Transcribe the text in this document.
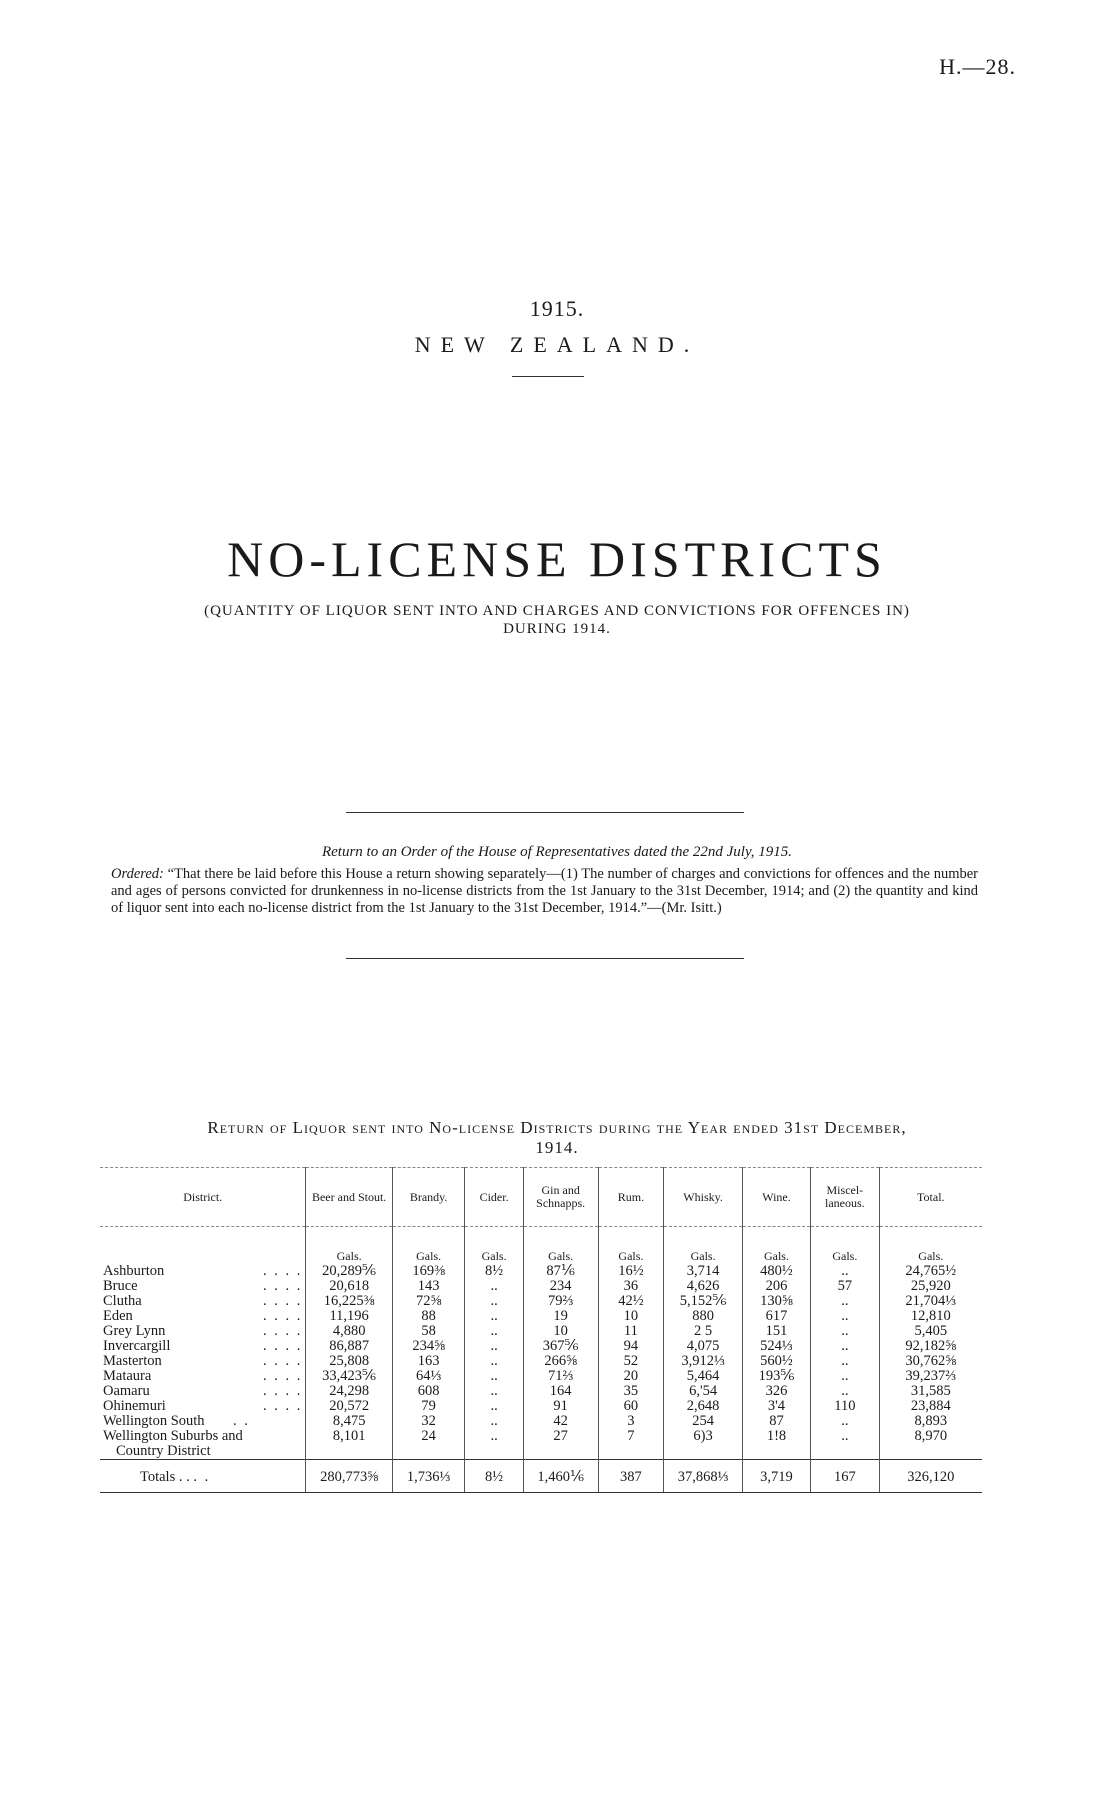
H.—28.
1915.
NEW ZEALAND.
NO-LICENSE DISTRICTS
(QUANTITY OF LIQUOR SENT INTO AND CHARGES AND CONVICTIONS FOR OFFENCES IN)
DURING 1914.
Return to an Order of the House of Representatives dated the 22nd July, 1915.
Ordered: “That there be laid before this House a return showing separately—(1) The number of charges and convictions for offences and the number and ages of persons convicted for drunkenness in no-license districts from the 1st January to the 31st December, 1914; and (2) the quantity and kind of liquor sent into each no-license district from the 1st January to the 31st December, 1914.”—(Mr. Isitt.)
Return of Liquor sent into No-license Districts during the Year ended 31st December,
1914.
District.	Beer and Stout.	Brandy.	Cider.	Gin and Schnapps.	Rum.	Whisky.	Wine.	Miscel-laneous.	Total.
	Gals.	Gals.	Gals.	Gals.	Gals.	Gals.	Gals.	Gals.	Gals.
Ashburton . . . .	20,289⅚	169⅜	8½	87⅙	16½	3,714	480½	..	24,765½
Bruce . . . .	20,618	143	..	234	36	4,626	206	57	25,920
Clutha . . . .	16,225⅜	72⅝	..	79⅔	42½	5,152⅚	130⅝	..	21,704⅓
Eden . . . .	11,196	88	..	19	10	880	617	..	12,810
Grey Lynn . . . .	4,880	58	..	10	11	2 5	151	..	5,405
Invercargill . . . .	86,887	234⅝	..	367⅚	94	4,075	524⅓	..	92,182⅝
Masterton . . . .	25,808	163	..	266⅝	52	3,912⅓	560½	..	30,762⅝
Mataura . . . .	33,423⅚	64⅓	..	71⅔	20	5,464	193⅚	..	39,237⅔
Oamaru . . . .	24,298	608	..	164	35	6,'54	326	..	31,585
Ohinemuri . . . .	20,572	79	..	91	60	2,648	3'4	110	23,884
Wellington South . .	8,475	32	..	42	3	254	87	..	8,893
Wellington Suburbs and	8,101	24	..	27	7	6)3	1!8	..	8,970
Country District									
Totals . . . .	280,773⅝	1,736⅓	8½	1,460⅙	387	37,868⅓	3,719	167	326,120
